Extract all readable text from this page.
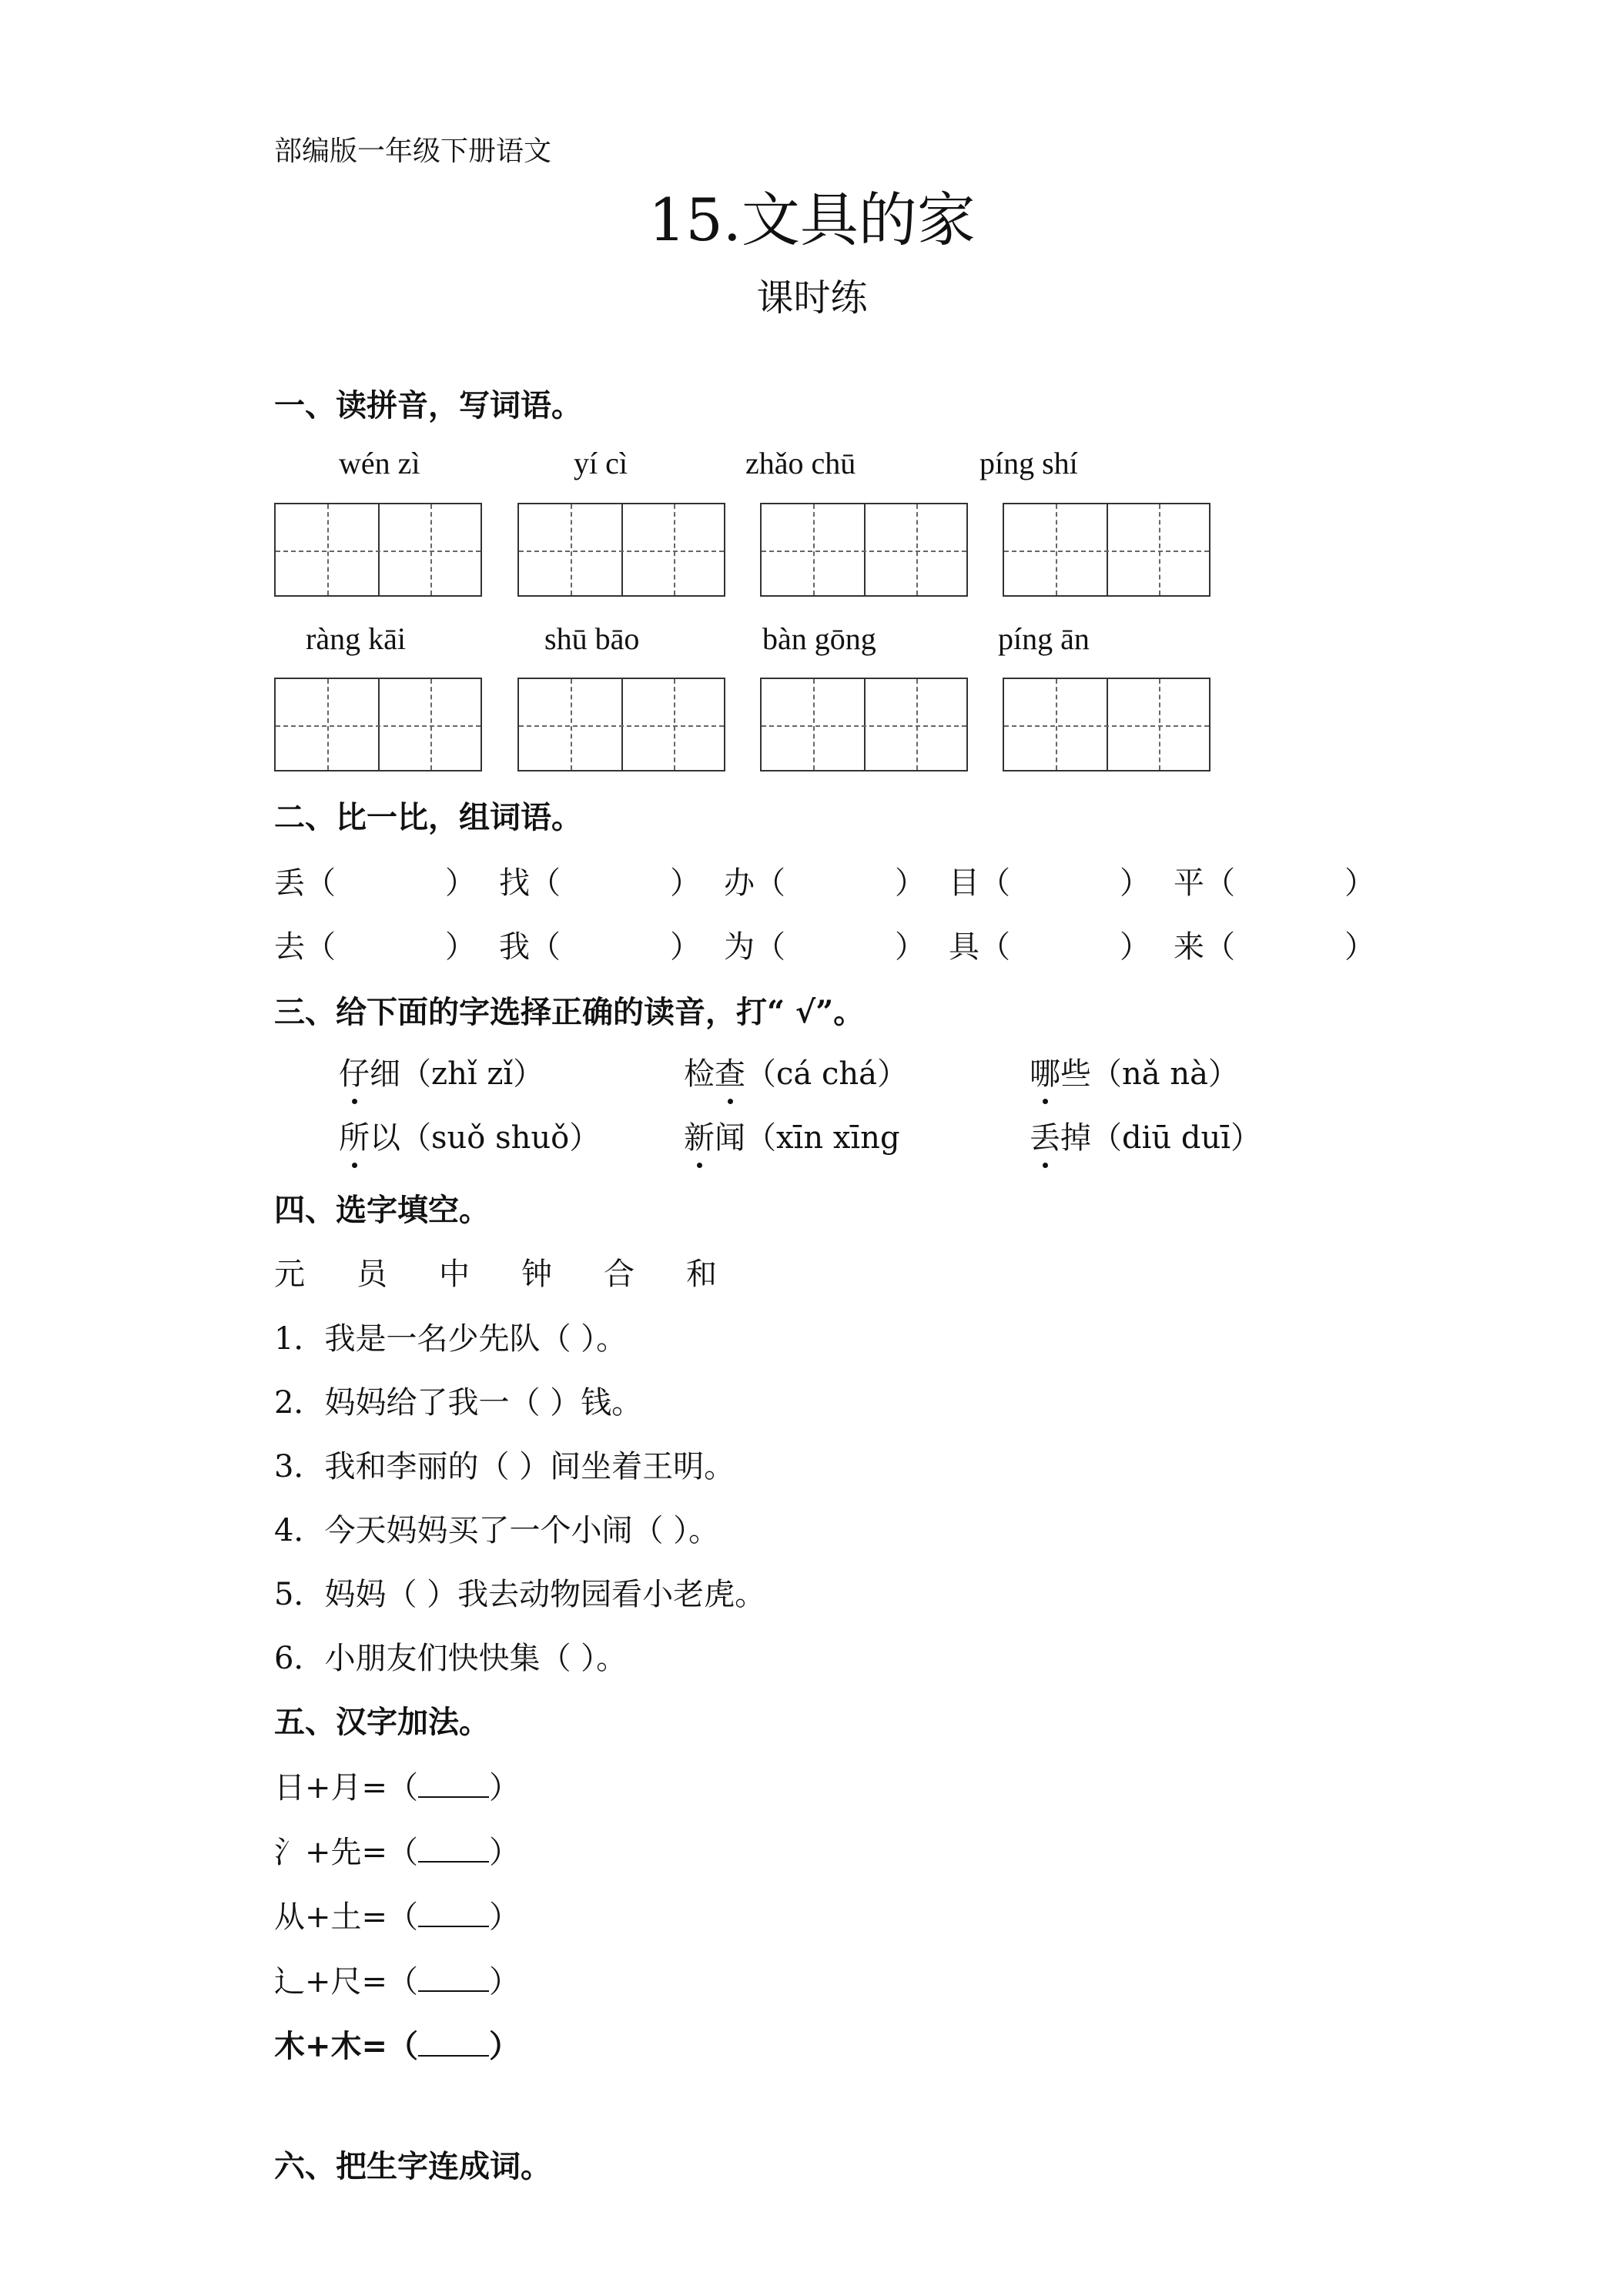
部编版一年级下册语文
15.文具的家
课时练
一、读拼音，写词语。
wén zì	yí cì	zhǎo chū	píng shí
ràng kāi	shū bāo	bàn gōng	píng ān
二、比一比，组词语。
丢（	） 找（	） 办（	） 目（	） 平（	）
去（	） 我（	） 为（	） 具（	） 来（	）
三、给下面的字选择正确的读音，打“ √”。
仔细（zhǐ zǐ）	检查（cá chá）	哪些（nǎ nà）
所以（suǒ shuǒ）	新闻（xīn xīng	丢掉（diū duī）
四、选字填空。
元 员 中 钟 合 和
1．我是一名少先队（ ）。
2．妈妈给了我一（ ）钱。
3．我和李丽的（ ）间坐着王明。
4．今天妈妈买了一个小闹（ ）。
5．妈妈（ ）我去动物园看小老虎。
6．小朋友们快快集（ ）。
五、汉字加法。
日+月=（ ）
氵+先=（ ）
从+土=（ ）
辶+尺=（ ）
木+木=（ ）
六、把生字连成词。
